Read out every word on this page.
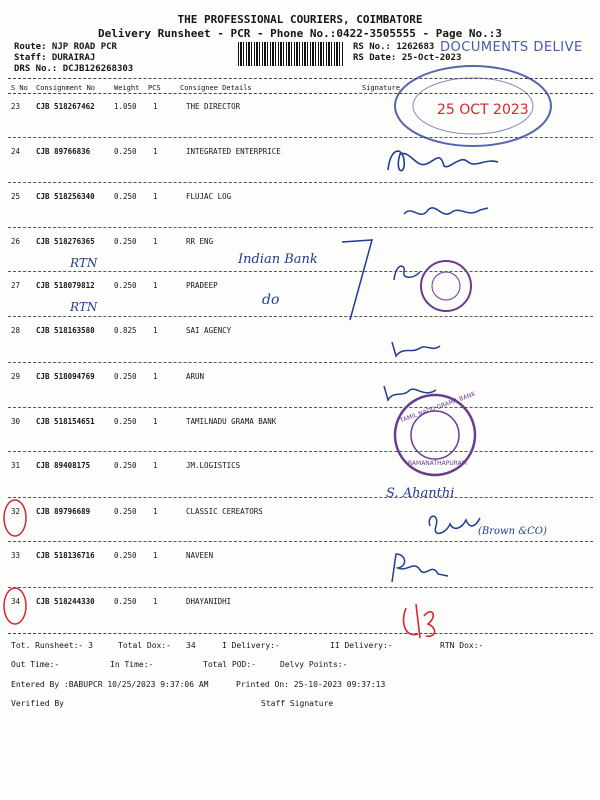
THE PROFESSIONAL COURIERS, COIMBATORE
Delivery Runsheet - PCR - Phone No.:0422-3505555 - Page No.:3
Route: NJP ROAD PCR
Staff: DURAIRAJ
DRS No.: DCJB126268303
RS No.: 1262683
RS Date: 25-Oct-2023
S No Consignment No	Weight PCS	Consignee Details	Signature
23 CJB 518267462	1.050 1	THE DIRECTOR
24 CJB 89766836	0.250 1	INTEGRATED ENTERPRICE
25 CJB 518256340	0.250 1	FLUJAC LOG
26 CJB 518276365	0.250 1	RR ENG
27 CJB 518079812	0.250 1	PRADEEP
28 CJB 518163580	0.825 1	SAI AGENCY
29 CJB 518094769	0.250 1	ARUN
30 CJB 518154651	0.250 1	TAMILNADU GRAMA BANK
31 CJB 89408175	0.250 1	JM.LOGISTICS
32 CJB 89796689	0.250 1	CLASSIC CEREATORS
33 CJB 518136716	0.250 1	NAVEEN
34 CJB 518244330	0.250 1	DHAYANIDHI
Tot. Runsheet:- 3	Total Dox:- 34	I Delivery:-	II Delivery:-	RTN Dox:-
Out Time:-	In Time:-	Total POD:-	Delvy Points:-
Entered By :BABUPCR 10/25/2023 9:37:06 AM	Printed On: 25-10-2023 09:37:13
Verified By	Staff Signature
DOCUMENTS DELIVE
25 OCT 2023
TAMIL NADU GRAMA BANK
RAMANATHAPURAM
RTN
RTN
Indian Bank
do
S. Ahanthi
(Brown &CO)
